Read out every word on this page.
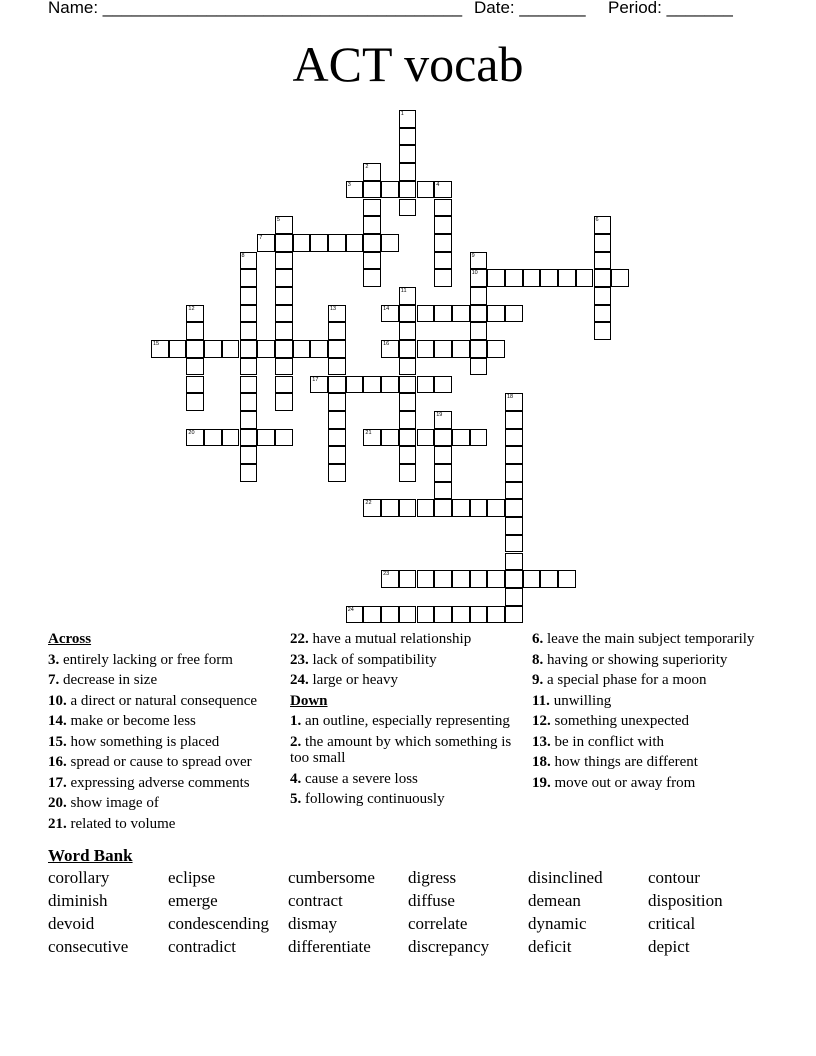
Name: ______________________________________ Date: _______ Period: _______
ACT vocab
1
2
3	4
5	6
7
8	9
10
11
12	13	14
15	16
17
18
19
20	21
22
23
24
Across
3. entirely lacking or free form
7. decrease in size
10. a direct or natural consequence
14. make or become less
15. how something is placed
16. spread or cause to spread over
17. expressing adverse comments
20. show image of
21. related to volume
22. have a mutual relationship
23. lack of sompatibility
24. large or heavy
Down
1. an outline, especially representing
2. the amount by which something is too small
4. cause a severe loss
5. following continuously
6. leave the main subject temporarily
8. having or showing superiority
9. a special phase for a moon
11. unwilling
12. something unexpected
13. be in conflict with
18. how things are different
19. move out or away from
Word Bank
corollary	eclipse	cumbersome	digress	disinclined	contour
diminish	emerge	contract	diffuse	demean	disposition
devoid	condescending	dismay	correlate	dynamic	critical
consecutive	contradict	differentiate	discrepancy	deficit	depict
